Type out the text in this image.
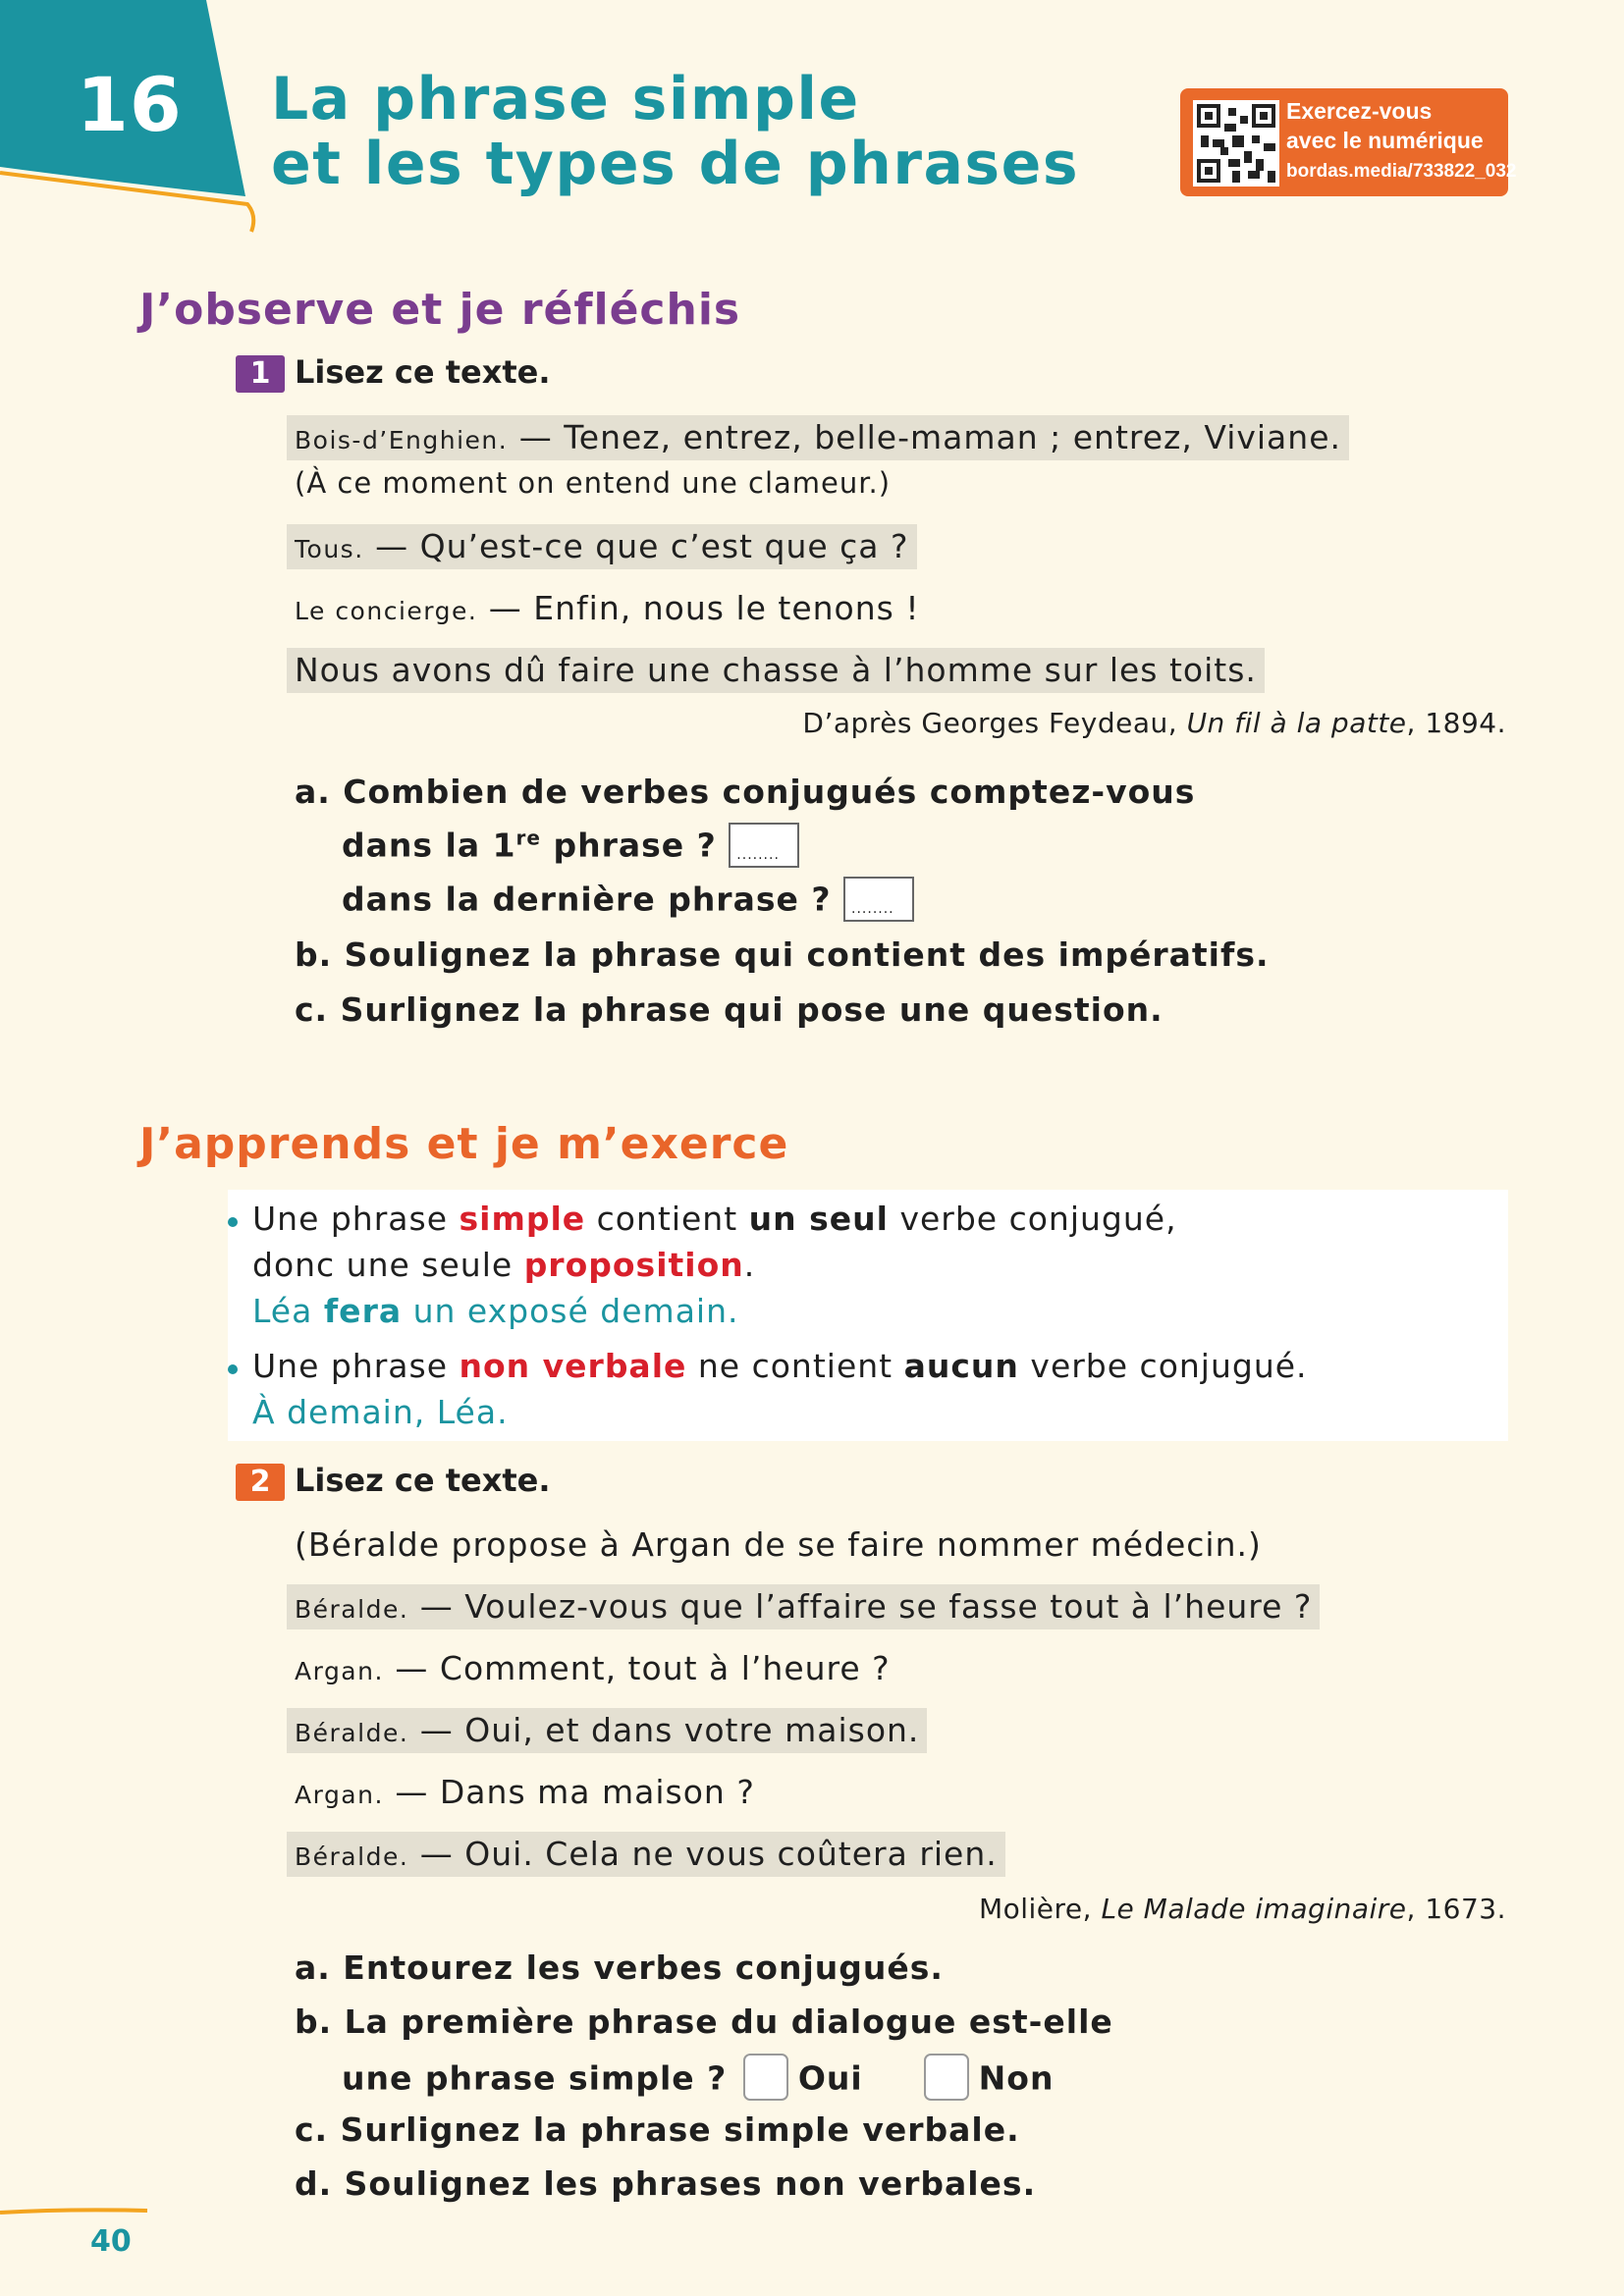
16 La phrase simple
et les types de phrases
Exercez-vous
avec le numérique
bordas.media/733822_032
J’observe et je réfléchis
1 Lisez ce texte.
Bois-d’Enghien. — Tenez, entrez, belle-maman ; entrez, Viviane.
(À ce moment on entend une clameur.)
Tous. — Qu’est-ce que c’est que ça ?
Le concierge. — Enfin, nous le tenons !
Nous avons dû faire une chasse à l’homme sur les toits.
D’après Georges Feydeau, Un fil à la patte, 1894.
a. Combien de verbes conjugués comptez-vous
dans la 1re phrase ? ........
dans la dernière phrase ? ........
b. Soulignez la phrase qui contient des impératifs.
c. Surlignez la phrase qui pose une question.
J’apprends et je m’exerce
Une phrase simple contient un seul verbe conjugué,
donc une seule proposition.
Léa fera un exposé demain.
Une phrase non verbale ne contient aucun verbe conjugué.
À demain, Léa.
2 Lisez ce texte.
(Béralde propose à Argan de se faire nommer médecin.)
Béralde. — Voulez-vous que l’affaire se fasse tout à l’heure ?
Argan. — Comment, tout à l’heure ?
Béralde. — Oui, et dans votre maison.
Argan. — Dans ma maison ?
Béralde. — Oui. Cela ne vous coûtera rien.
Molière, Le Malade imaginaire, 1673.
a. Entourez les verbes conjugués.
b. La première phrase du dialogue est-elle
une phrase simple ? Oui	Non
c. Surlignez la phrase simple verbale.
d. Soulignez les phrases non verbales.
40
